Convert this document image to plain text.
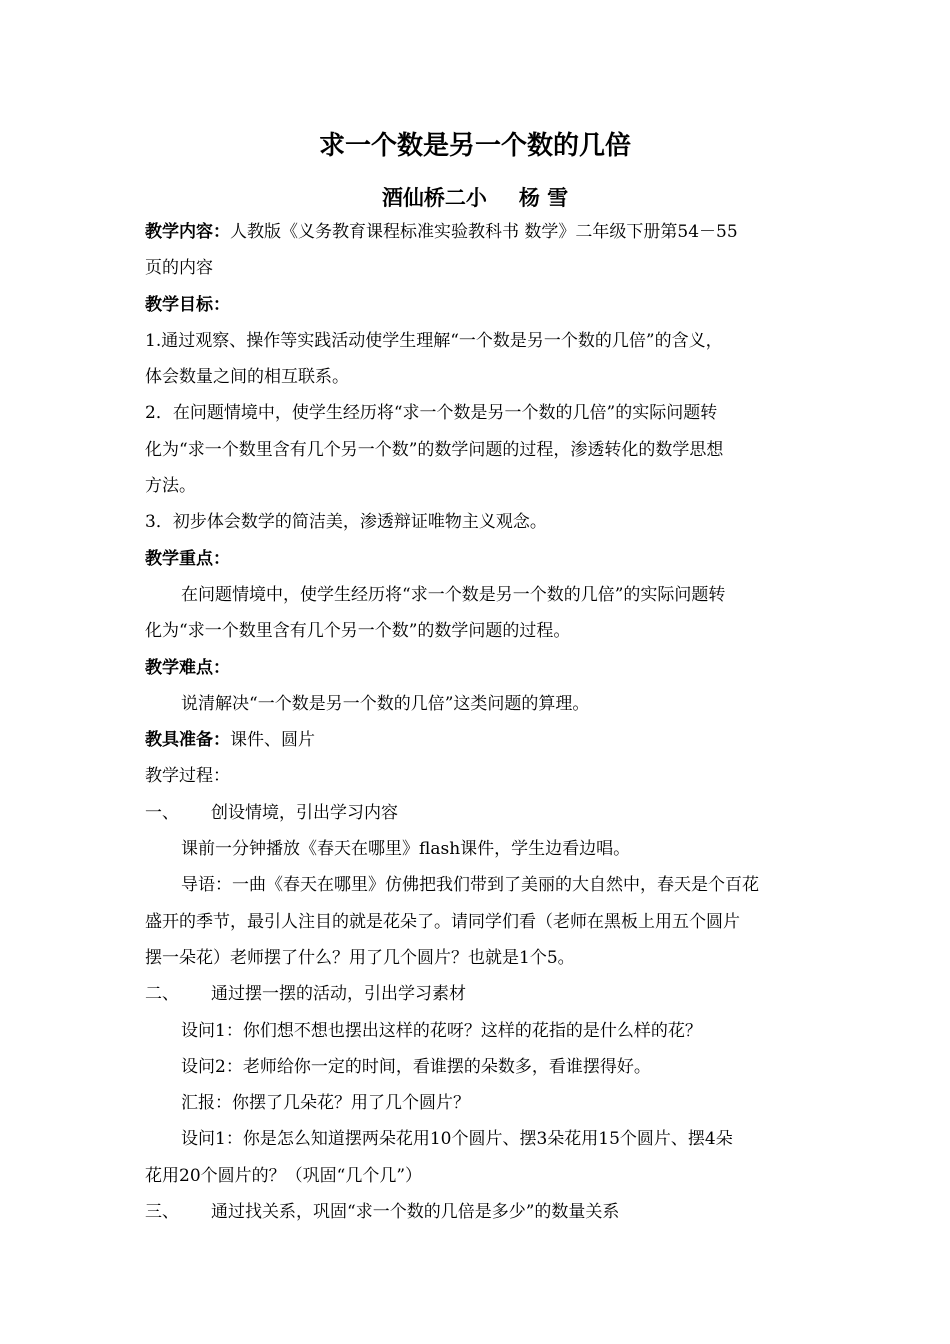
求一个数是另一个数的几倍
酒仙桥二小 杨 雪

教学内容：人教版《义务教育课程标准实验教科书 数学》二年级下册第54－55

页的内容

教学目标：

1.通过观察、操作等实践活动使学生理解“一个数是另一个数的几倍”的含义，

体会数量之间的相互联系。

2．在问题情境中，使学生经历将“求一个数是另一个数的几倍”的实际问题转

化为“求一个数里含有几个另一个数”的数学问题的过程，渗透转化的数学思想

方法。

3．初步体会数学的简洁美，渗透辩证唯物主义观念。

教学重点：

在问题情境中，使学生经历将“求一个数是另一个数的几倍”的实际问题转

化为“求一个数里含有几个另一个数”的数学问题的过程。

教学难点：

说清解决“一个数是另一个数的几倍”这类问题的算理。

教具准备：课件、圆片

教学过程：

一、 创设情境，引出学习内容

课前一分钟播放《春天在哪里》flash课件，学生边看边唱。

导语：一曲《春天在哪里》仿佛把我们带到了美丽的大自然中，春天是个百花

盛开的季节，最引人注目的就是花朵了。请同学们看（老师在黑板上用五个圆片

摆一朵花）老师摆了什么？用了几个圆片？也就是1个5。

二、 通过摆一摆的活动，引出学习素材

设问1：你们想不想也摆出这样的花呀？这样的花指的是什么样的花？

设问2：老师给你一定的时间，看谁摆的朵数多，看谁摆得好。

汇报：你摆了几朵花？用了几个圆片？

设问1：你是怎么知道摆两朵花用10个圆片、摆3朵花用15个圆片、摆4朵

花用20个圆片的？（巩固“几个几”）

三、 通过找关系，巩固“求一个数的几倍是多少”的数量关系
